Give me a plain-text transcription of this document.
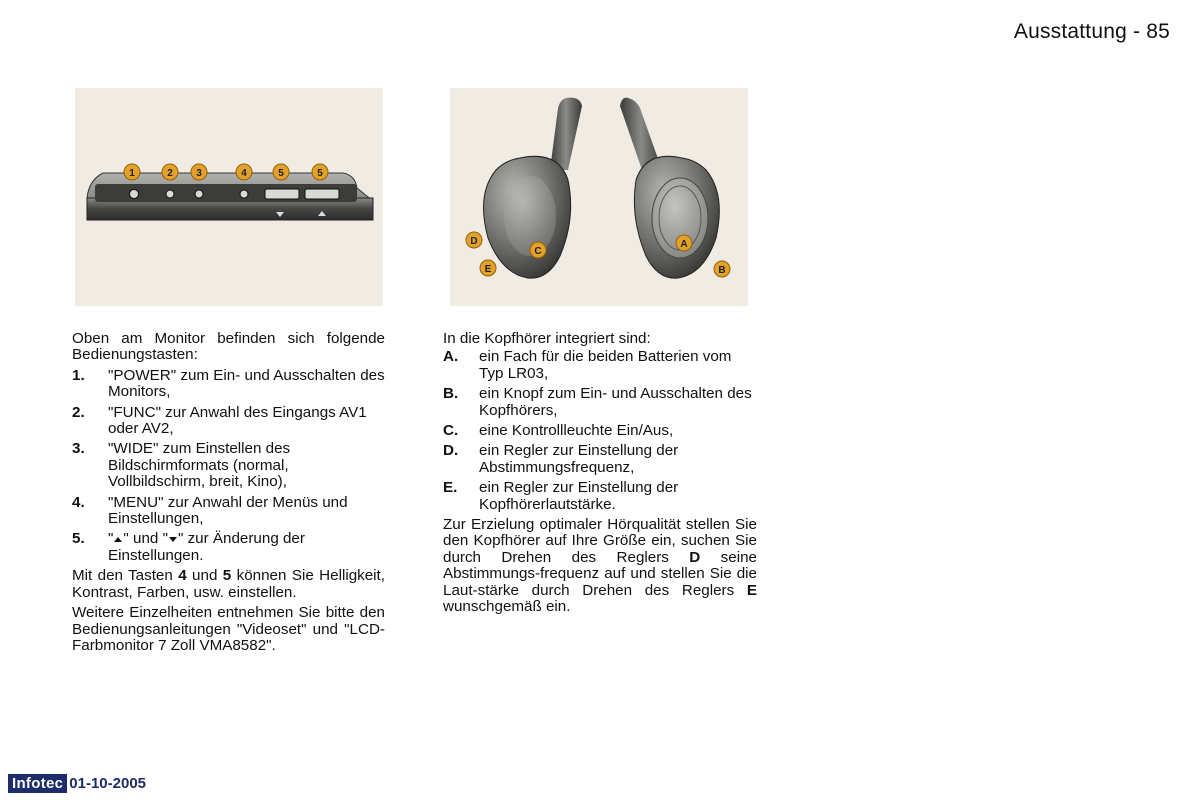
Ausstattung - 85
1	2 3	4	5	5
D
C
E
A
B

Oben am Monitor befinden sich folgende Bedienungstasten:

1.	"POWER" zum Ein- und Ausschalten des Monitors,
2.	"FUNC" zur Anwahl des Eingangs AV1 oder AV2,
3.	"WIDE" zum Einstellen des Bildschirmformats (normal, Vollbildschirm, breit, Kino),
4.	"MENU" zur Anwahl der Menüs und Einstellungen,
5.	" " und " " zur Änderung der Einstellungen.

Mit den Tasten 4 und 5 können Sie Helligkeit, Kontrast, Farben, usw. einstellen.

Weitere Einzelheiten entnehmen Sie bitte den Bedienungsanleitungen "Videoset" und "LCD-Farbmonitor 7 Zoll VMA8582".

In die Kopfhörer integriert sind:

A.	ein Fach für die beiden Batterien vom Typ LR03,
B.	ein Knopf zum Ein- und Ausschalten des Kopfhörers,
C.	eine Kontrollleuchte Ein/Aus,
D.	ein Regler zur Einstellung der Abstimmungsfrequenz,
E.	ein Regler zur Einstellung der Kopfhörerlautstärke.

Zur Erzielung optimaler Hörqualität stellen Sie den Kopfhörer auf Ihre Größe ein, suchen Sie durch Drehen des Reglers D seine Abstimmungs-frequenz auf und stellen Sie die Laut-stärke durch Drehen des Reglers E wunschgemäß ein.

Infotec 01-10-2005
